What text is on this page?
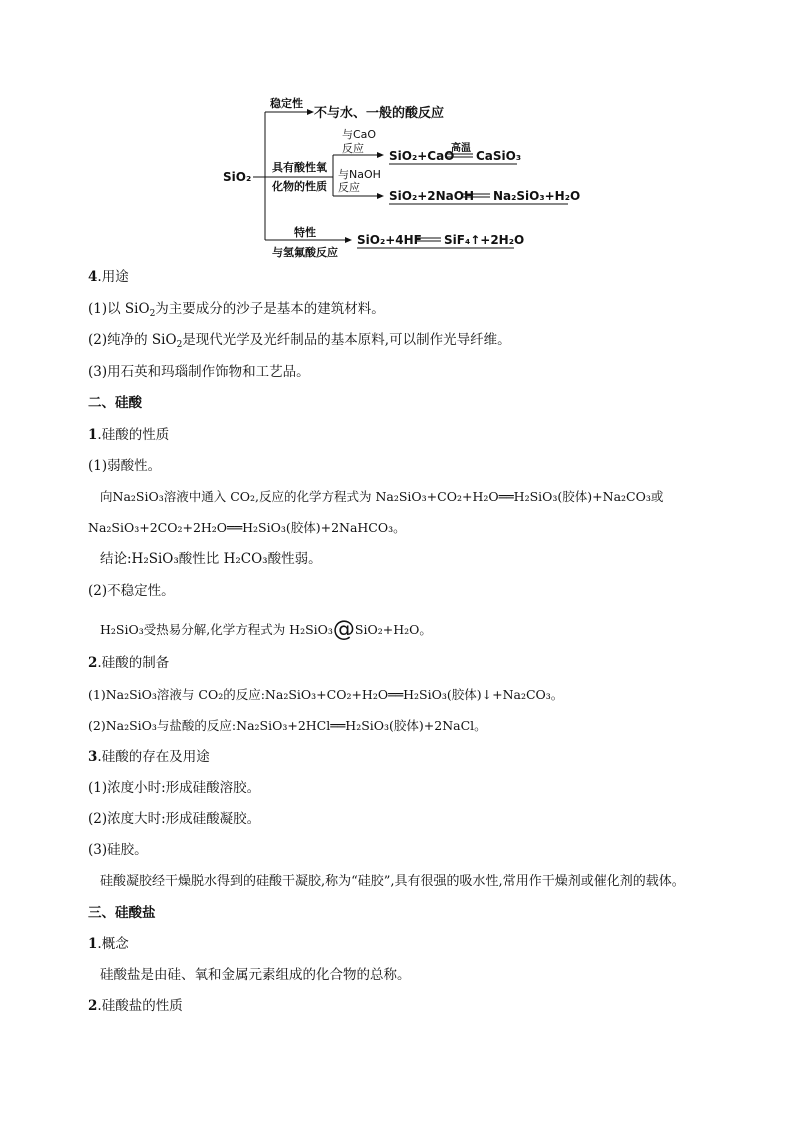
SiO₂
稳定性
不与水、一般的酸反应
具有酸性氧
化物的性质
与CaO
反应
SiO₂+CaO
高温
CaSiO₃
与NaOH
反应
SiO₂+2NaOH Na₂SiO₃+H₂O
特性
与氢氟酸反应
SiO₂+4HF SiF₄↑+2H₂O
4.用途
(1)以 SiO$_2$为主要成分的沙子是基本的建筑材料。
(2)纯净的 SiO$_2$是现代光学及光纤制品的基本原料,可以制作光导纤维。
(3)用石英和玛瑙制作饰物和工艺品。
二、硅酸
1.硅酸的性质
(1)弱酸性。
向Na₂SiO₃溶液中通入 CO₂,反应的化学方程式为 Na₂SiO₃+CO₂+H₂O══H₂SiO₃(胶体)+Na₂CO₃或
Na₂SiO₃+2CO₂+2H₂O══H₂SiO₃(胶体)+2NaHCO₃。
结论:H₂SiO₃酸性比 H₂CO₃酸性弱。
(2)不稳定性。
H₂SiO₃受热易分解,化学方程式为 H₂SiO₃@SiO₂+H₂O。
2.硅酸的制备
(1)Na₂SiO₃溶液与 CO₂的反应:Na₂SiO₃+CO₂+H₂O══H₂SiO₃(胶体)↓+Na₂CO₃。
(2)Na₂SiO₃与盐酸的反应:Na₂SiO₃+2HCl══H₂SiO₃(胶体)+2NaCl。
3.硅酸的存在及用途
(1)浓度小时:形成硅酸溶胶。
(2)浓度大时:形成硅酸凝胶。
(3)硅胶。
硅酸凝胶经干燥脱水得到的硅酸干凝胶,称为“硅胶”,具有很强的吸水性,常用作干燥剂或催化剂的载体。
三、硅酸盐
1.概念
硅酸盐是由硅、氧和金属元素组成的化合物的总称。
2.硅酸盐的性质
